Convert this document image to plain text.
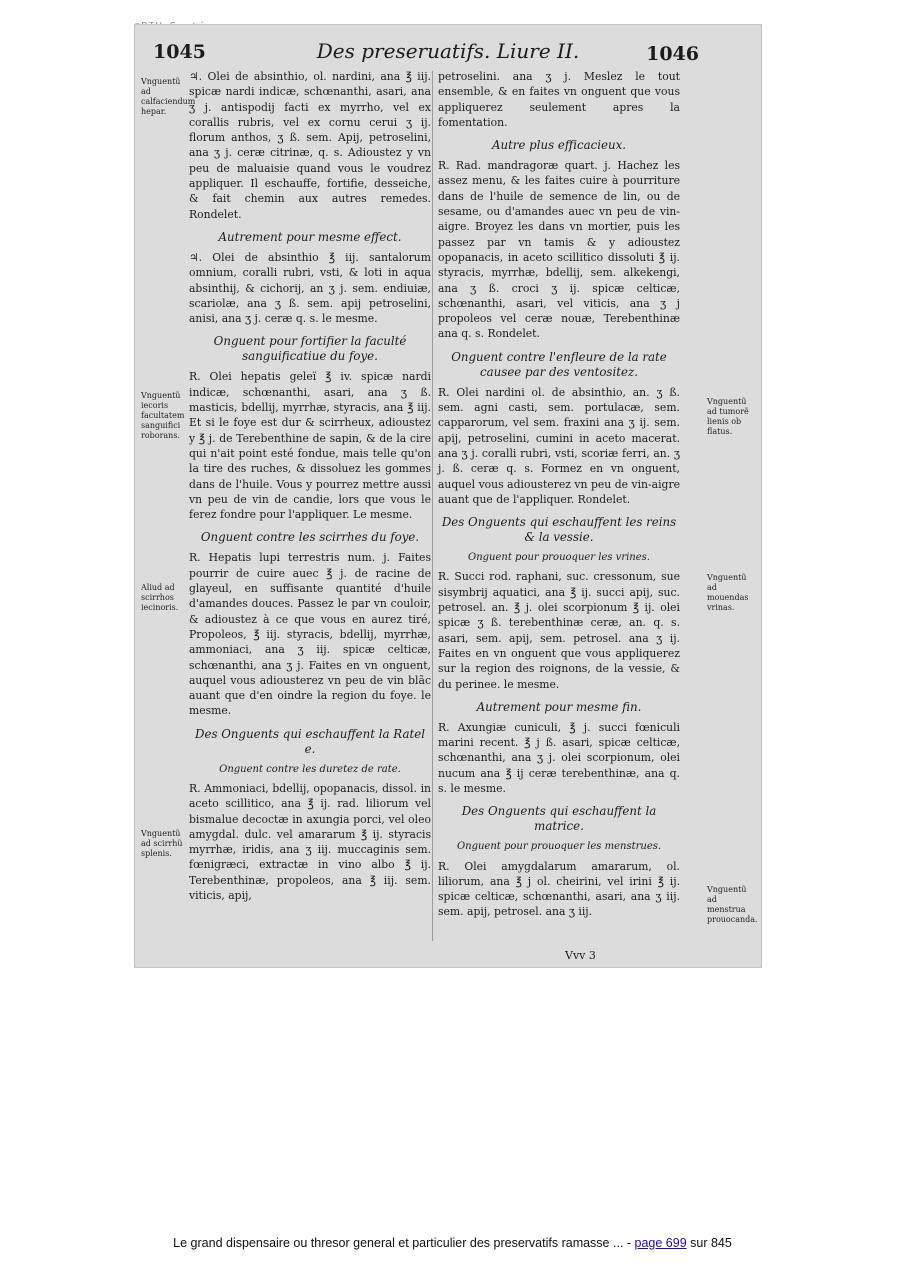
1045	Des preseruatifs. Liure II.	1046
Vnguentũ ad calfaciendum hepar.
Vnguentũ iecoris facultatem sanguifici roborans.
Aliud ad scirrhos iecinoris.
Vnguentũ ad scirrhũ splenis.
Vnguentũ ad tumorẽ lienis ob flatus.
Vnguentũ ad mouendas vrinas.
Vnguentũ ad menstrua prouocanda.

♃. Olei de absinthio, ol. nardini, ana ℥ iij. spicæ nardi indicæ, schœnanthi, asari, ana ʒ j. antispodij facti ex myrrho, vel ex corallis rubris, vel ex cornu cerui ʒ ij. florum anthos, ʒ ß. sem. Apij, petroselini, ana ʒ j. ceræ citrinæ, q. s. Adioustez y vn peu de maluaisie quand vous le voudrez appliquer. Il eschauffe, fortifie, desseiche, & fait chemin aux autres remedes. Rondelet.

Autrement pour mesme effect.

♃. Olei de absinthio ℥ iij. santalorum omnium, coralli rubri, vsti, & loti in aqua absinthij, & cichorij, an ʒ j. sem. endiuiæ, scariolæ, ana ʒ ß. sem. apij petroselini, anisi, ana ʒ j. ceræ q. s. le mesme.

Onguent pour fortifier la faculté sanguificatiue du foye.

R. Olei hepatis geleï ℥ iv. spicæ nardi indicæ, schœnanthi, asari, ana ʒ ß. masticis, bdellij, myrrhæ, styracis, ana ℥ iij. Et si le foye est dur & scirrheux, adioustez y ℥ j. de Terebenthine de sapin, & de la cire qui n'ait point esté fondue, mais telle qu'on la tire des ruches, & dissoluez les gommes dans de l'huile. Vous y pourrez mettre aussi vn peu de vin de candie, lors que vous le ferez fondre pour l'appliquer. Le mesme.

Onguent contre les scirrhes du foye.

R. Hepatis lupi terrestris num. j. Faites pourrir de cuire auec ℥ j. de racine de glayeul, en suffisante quantité d'huile d'amandes douces. Passez le par vn couloir, & adioustez à ce que vous en aurez tiré, Propoleos, ℥ iij. styracis, bdellij, myrrhæ, ammoniaci, ana ʒ iij. spicæ celticæ, schœnanthi, ana ʒ j. Faites en vn onguent, auquel vous adiousterez vn peu de vin blãc auant que d'en oindre la region du foye. le mesme.

Des Onguents qui eschauffent la Ratel e.
Onguent contre les duretez de rate.

R. Ammoniaci, bdellij, opopanacis, dissol. in aceto scillitico, ana ℥ ij. rad. liliorum vel bismalue decoctæ in axungia porci, vel oleo amygdal. dulc. vel amararum ℥ ij. styracis myrrhæ, iridis, ana ʒ iij. muccaginis sem. fœnigræci, extractæ in vino albo ℥ ij. Terebenthinæ, propoleos, ana ℥ iij. sem. viticis, apij,

petroselini. ana ʒ j. Meslez le tout ensemble, & en faites vn onguent que vous appliquerez seulement apres la fomentation.

Autre plus efficacieux.

R. Rad. mandragoræ quart. j. Hachez les assez menu, & les faites cuire à pourriture dans de l'huile de semence de lin, ou de sesame, ou d'amandes auec vn peu de vin-aigre. Broyez les dans vn mortier, puis les passez par vn tamis & y adioustez opopanacis, in aceto scillitico dissoluti ℥ ij. styracis, myrrhæ, bdellij, sem. alkekengi, ana ʒ ß. croci ʒ ij. spicæ celticæ, schœnanthi, asari, vel viticis, ana ʒ j propoleos vel ceræ nouæ, Terebenthinæ ana q. s. Rondelet.

Onguent contre l'enfleure de la rate causee par des ventositez.

R. Olei nardini ol. de absinthio, an. ʒ ß. sem. agni casti, sem. portulacæ, sem. capparorum, vel sem. fraxini ana ʒ ij. sem. apij, petroselini, cumini in aceto macerat. ana ʒ j. coralli rubri, vsti, scoriæ ferri, an. ʒ j. ß. ceræ q. s. Formez en vn onguent, auquel vous adiousterez vn peu de vin-aigre auant que de l'appliquer. Rondelet.

Des Onguents qui eschauffent les reins & la vessie.
Onguent pour prouoquer les vrines.

R. Succi rod. raphani, suc. cressonum, sue sisymbrij aquatici, ana ℥ ij. succi apij, suc. petrosel. an. ℥ j. olei scorpionum ℥ ij. olei spicæ ʒ ß. terebenthinæ ceræ, an. q. s. asari, sem. apij, sem. petrosel. ana ʒ ij. Faites en vn onguent que vous appliquerez sur la region des roignons, de la vessie, & du perinee. le mesme.

Autrement pour mesme fin.

R. Axungiæ cuniculi, ℥ j. succi fœniculi marini recent. ℥ j ß. asari, spicæ celticæ, schœnanthi, ana ʒ j. olei scorpionum, olei nucum ana ℥ ij ceræ terebenthinæ, ana q. s. le mesme.

Des Onguents qui eschauffent la matrice.
Onguent pour prouoquer les menstrues.

R. Olei amygdalarum amararum, ol. liliorum, ana ℥ j ol. cheirini, vel irini ℥ ij. spicæ celticæ, schœnanthi, asari, ana ʒ iij. sem. apij, petrosel. ana ʒ iij.

Vvv 3
Le grand dispensaire ou thresor general et particulier des preservatifs ramasse ... - page 699 sur 845
